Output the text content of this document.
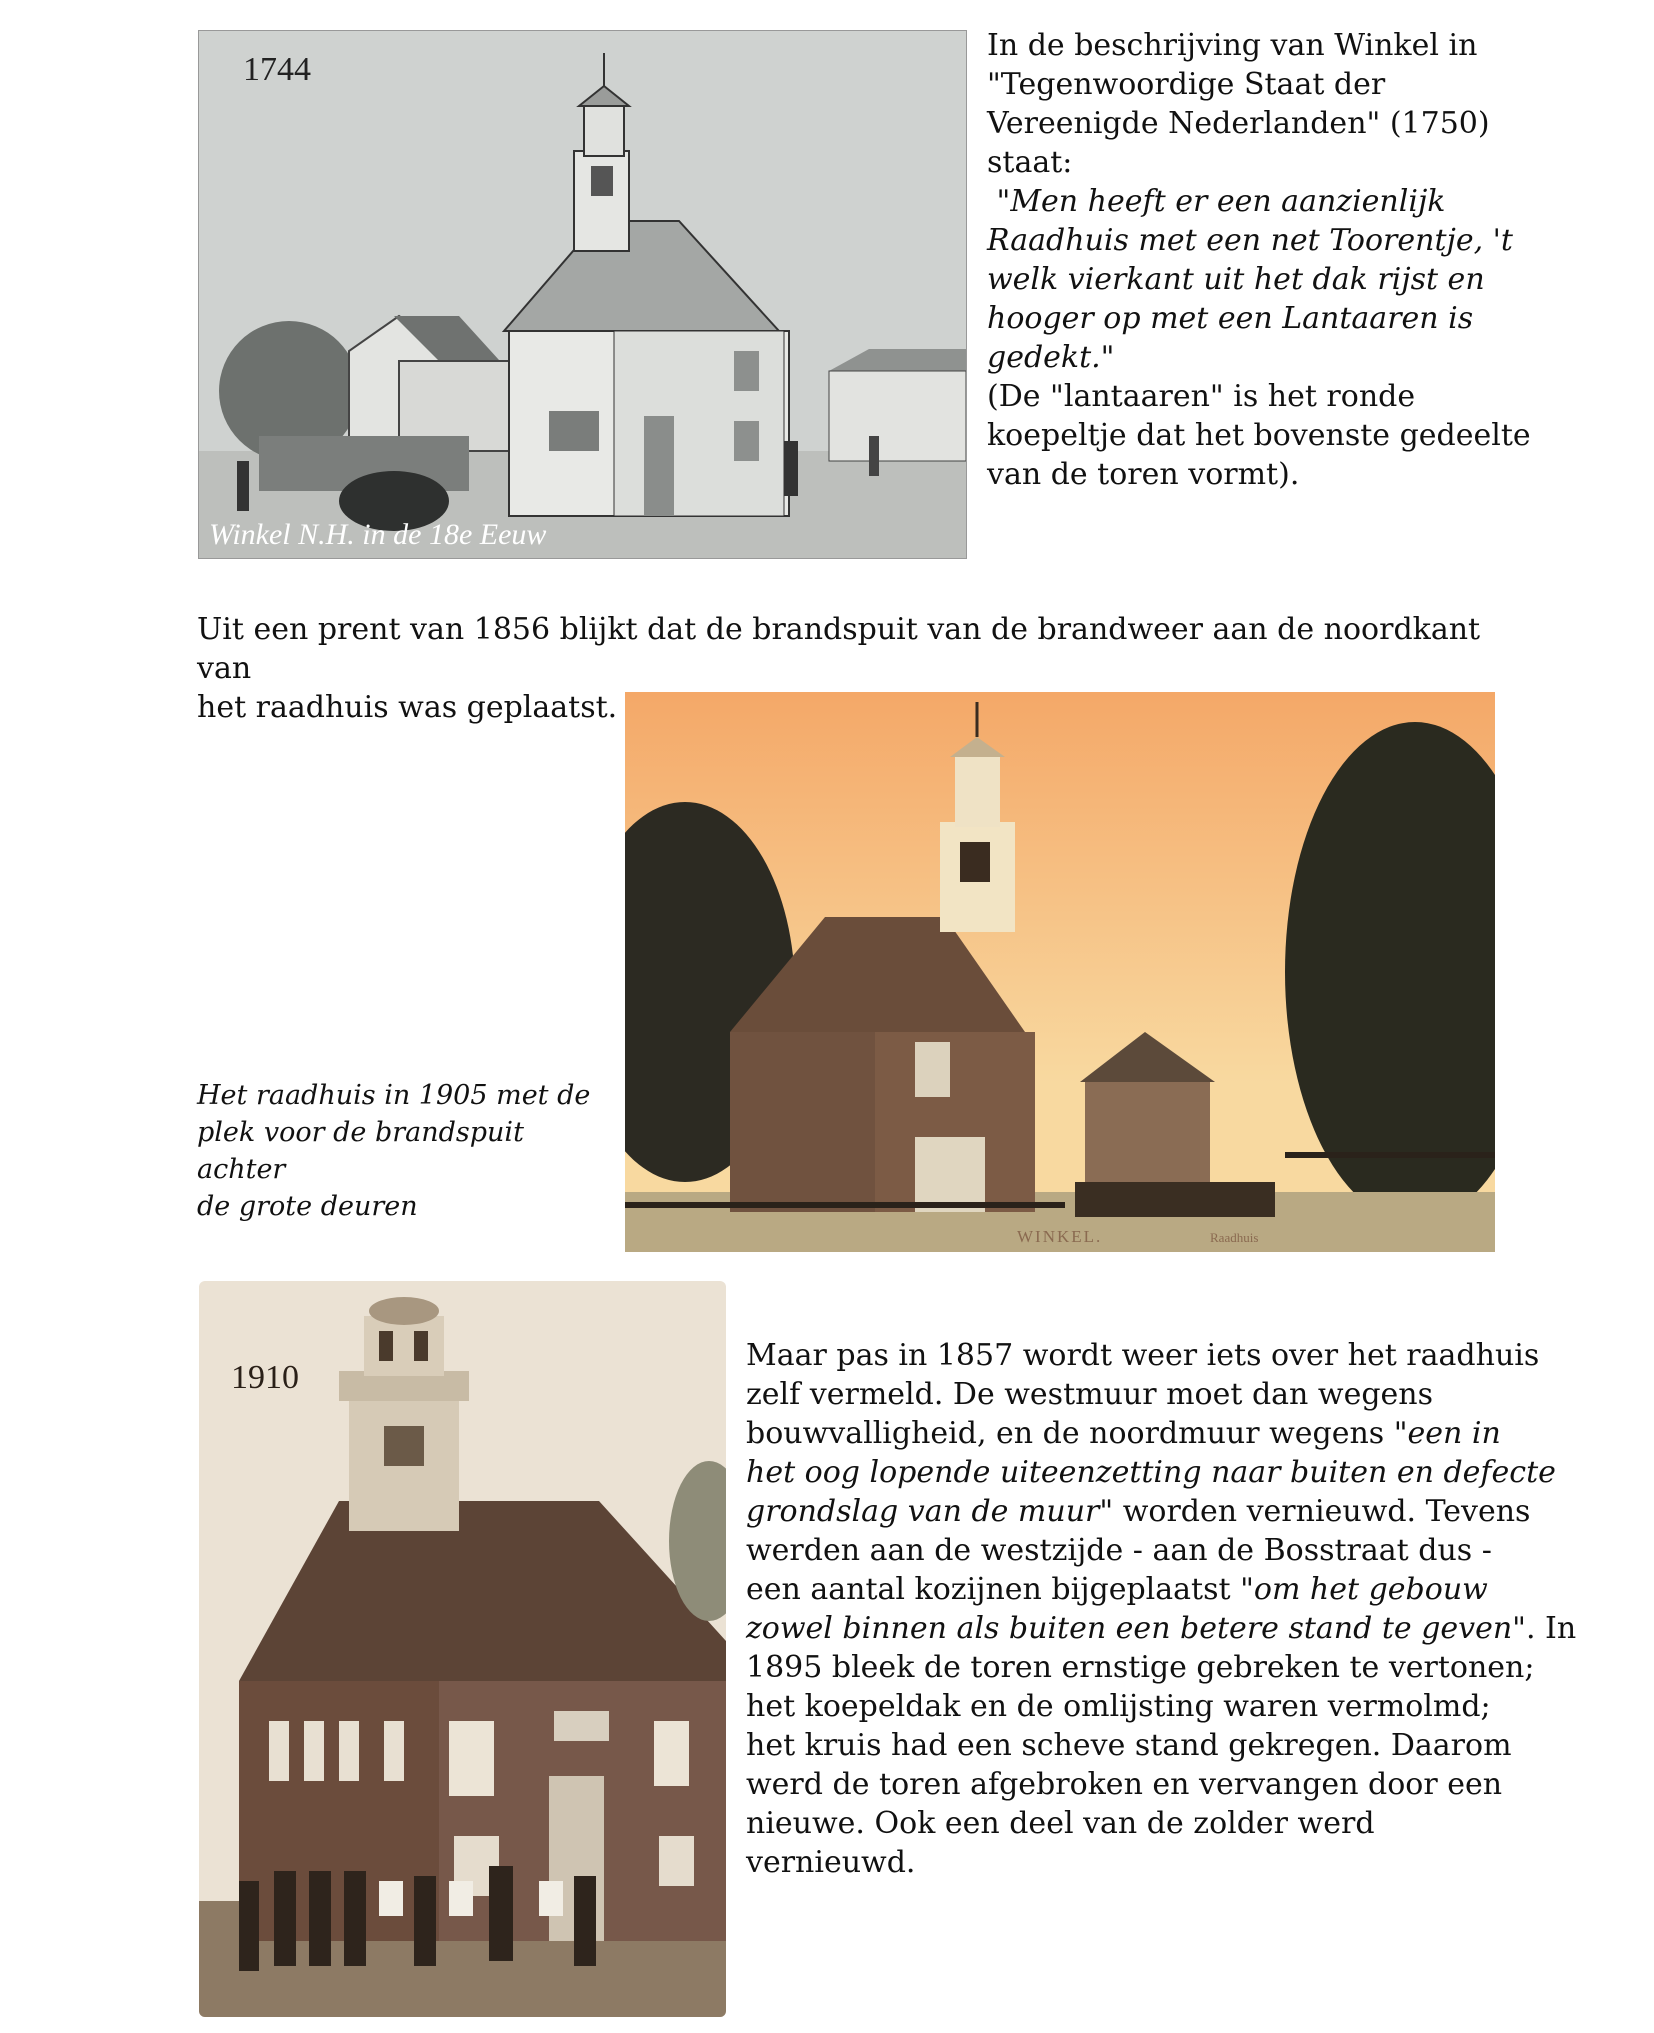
1744
Winkel N.H. in de 18e Eeuw
In de beschrijving van Winkel in
"Tegenwoordige Staat der
Vereenigde Nederlanden" (1750)
staat:
"Men heeft er een aanzienlijk
Raadhuis met een net Toorentje, 't
welk vierkant uit het dak rijst en
hooger op met een Lantaaren is
gedekt."
(De "lantaaren" is het ronde
koepeltje dat het bovenste gedeelte
van de toren vormt).
Uit een prent van 1856 blijkt dat de brandspuit van de brandweer aan de noordkant van
het raadhuis was geplaatst.
Het raadhuis in 1905 met de
plek voor de brandspuit achter
de grote deuren
WINKEL.	Raadhuis
1910
Maar pas in 1857 wordt weer iets over het raadhuis
zelf vermeld. De westmuur moet dan wegens
bouwvalligheid, en de noordmuur wegens "een in
het oog lopende uiteenzetting naar buiten en defecte
grondslag van de muur" worden vernieuwd. Tevens
werden aan de westzijde - aan de Bosstraat dus -
een aantal kozijnen bijgeplaatst "om het gebouw
zowel binnen als buiten een betere stand te geven". In
1895 bleek de toren ernstige gebreken te vertonen;
het koepeldak en de omlijsting waren vermolmd;
het kruis had een scheve stand gekregen. Daarom
werd de toren afgebroken en vervangen door een
nieuwe. Ook een deel van de zolder werd
vernieuwd.
